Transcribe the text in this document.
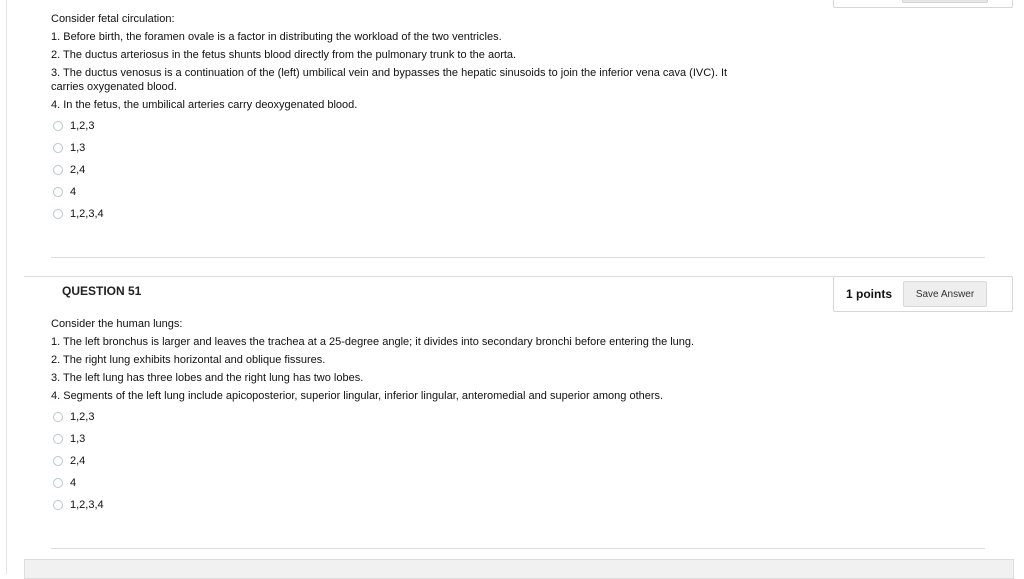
Consider fetal circulation:
1. Before birth, the foramen ovale is a factor in distributing the workload of the two ventricles.
2. The ductus arteriosus in the fetus shunts blood directly from the pulmonary trunk to the aorta.
3. The ductus venosus is a continuation of the (left) umbilical vein and bypasses the hepatic sinusoids to join the inferior vena cava (IVC). It
carries oxygenated blood.
4. In the fetus, the umbilical arteries carry deoxygenated blood.
1,2,3
1,3
2,4
4
1,2,3,4
QUESTION 51	1 points	Save Answer
Consider the human lungs:
1. The left bronchus is larger and leaves the trachea at a 25-degree angle; it divides into secondary bronchi before entering the lung.
2. The right lung exhibits horizontal and oblique fissures.
3. The left lung has three lobes and the right lung has two lobes.
4. Segments of the left lung include apicoposterior, superior lingular, inferior lingular, anteromedial and superior among others.
1,2,3
1,3
2,4
4
1,2,3,4
